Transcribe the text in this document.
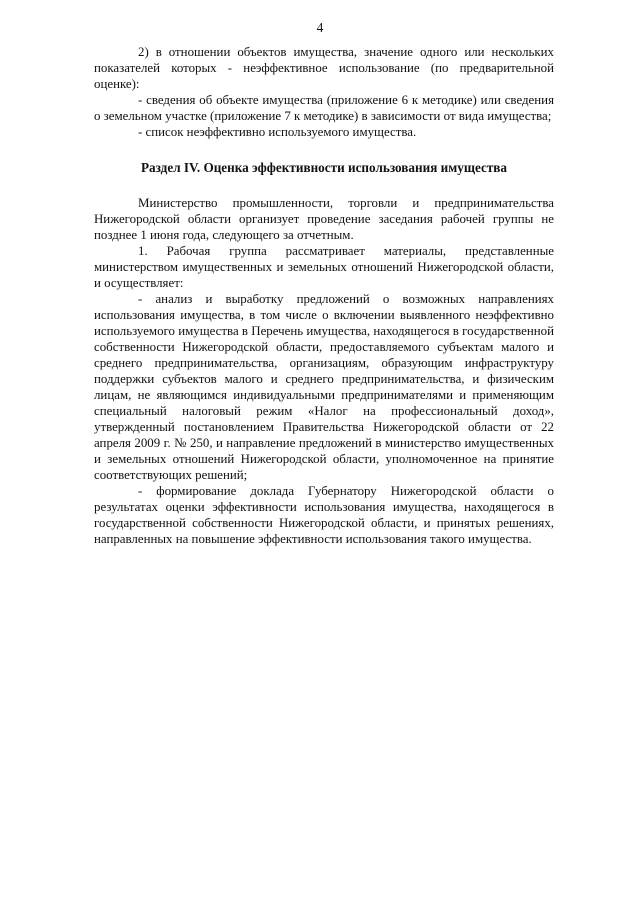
4

2) в отношении объектов имущества, значение одного или нескольких показателей которых - неэффективное использование (по предварительной оценке):

- сведения об объекте имущества (приложение 6 к методике) или сведения о земельном участке (приложение 7 к методике) в зависимости от вида имущества;

- список неэффективно используемого имущества.

Раздел IV. Оценка эффективности использования имущества

Министерство промышленности, торговли и предпринимательства Нижегородской области организует проведение заседания рабочей группы не позднее 1 июня года, следующего за отчетным.

1. Рабочая группа рассматривает материалы, представленные министерством имущественных и земельных отношений Нижегородской области, и осуществляет:

- анализ и выработку предложений о возможных направлениях использования имущества, в том числе о включении выявленного неэффективно используемого имущества в Перечень имущества, находящегося в государственной собственности Нижегородской области, предоставляемого субъектам малого и среднего предпринимательства, организациям, образующим инфраструктуру поддержки субъектов малого и среднего предпринимательства, и физическим лицам, не являющимся индивидуальными предпринимателями и применяющим специальный налоговый режим «Налог на профессиональный доход», утвержденный постановлением Правительства Нижегородской области от 22 апреля 2009 г. № 250, и направление предложений в министерство имущественных и земельных отношений Нижегородской области, уполномоченное на принятие соответствующих решений;

- формирование доклада Губернатору Нижегородской области о результатах оценки эффективности использования имущества, находящегося в государственной собственности Нижегородской области, и принятых решениях, направленных на повышение эффективности использования такого имущества.
